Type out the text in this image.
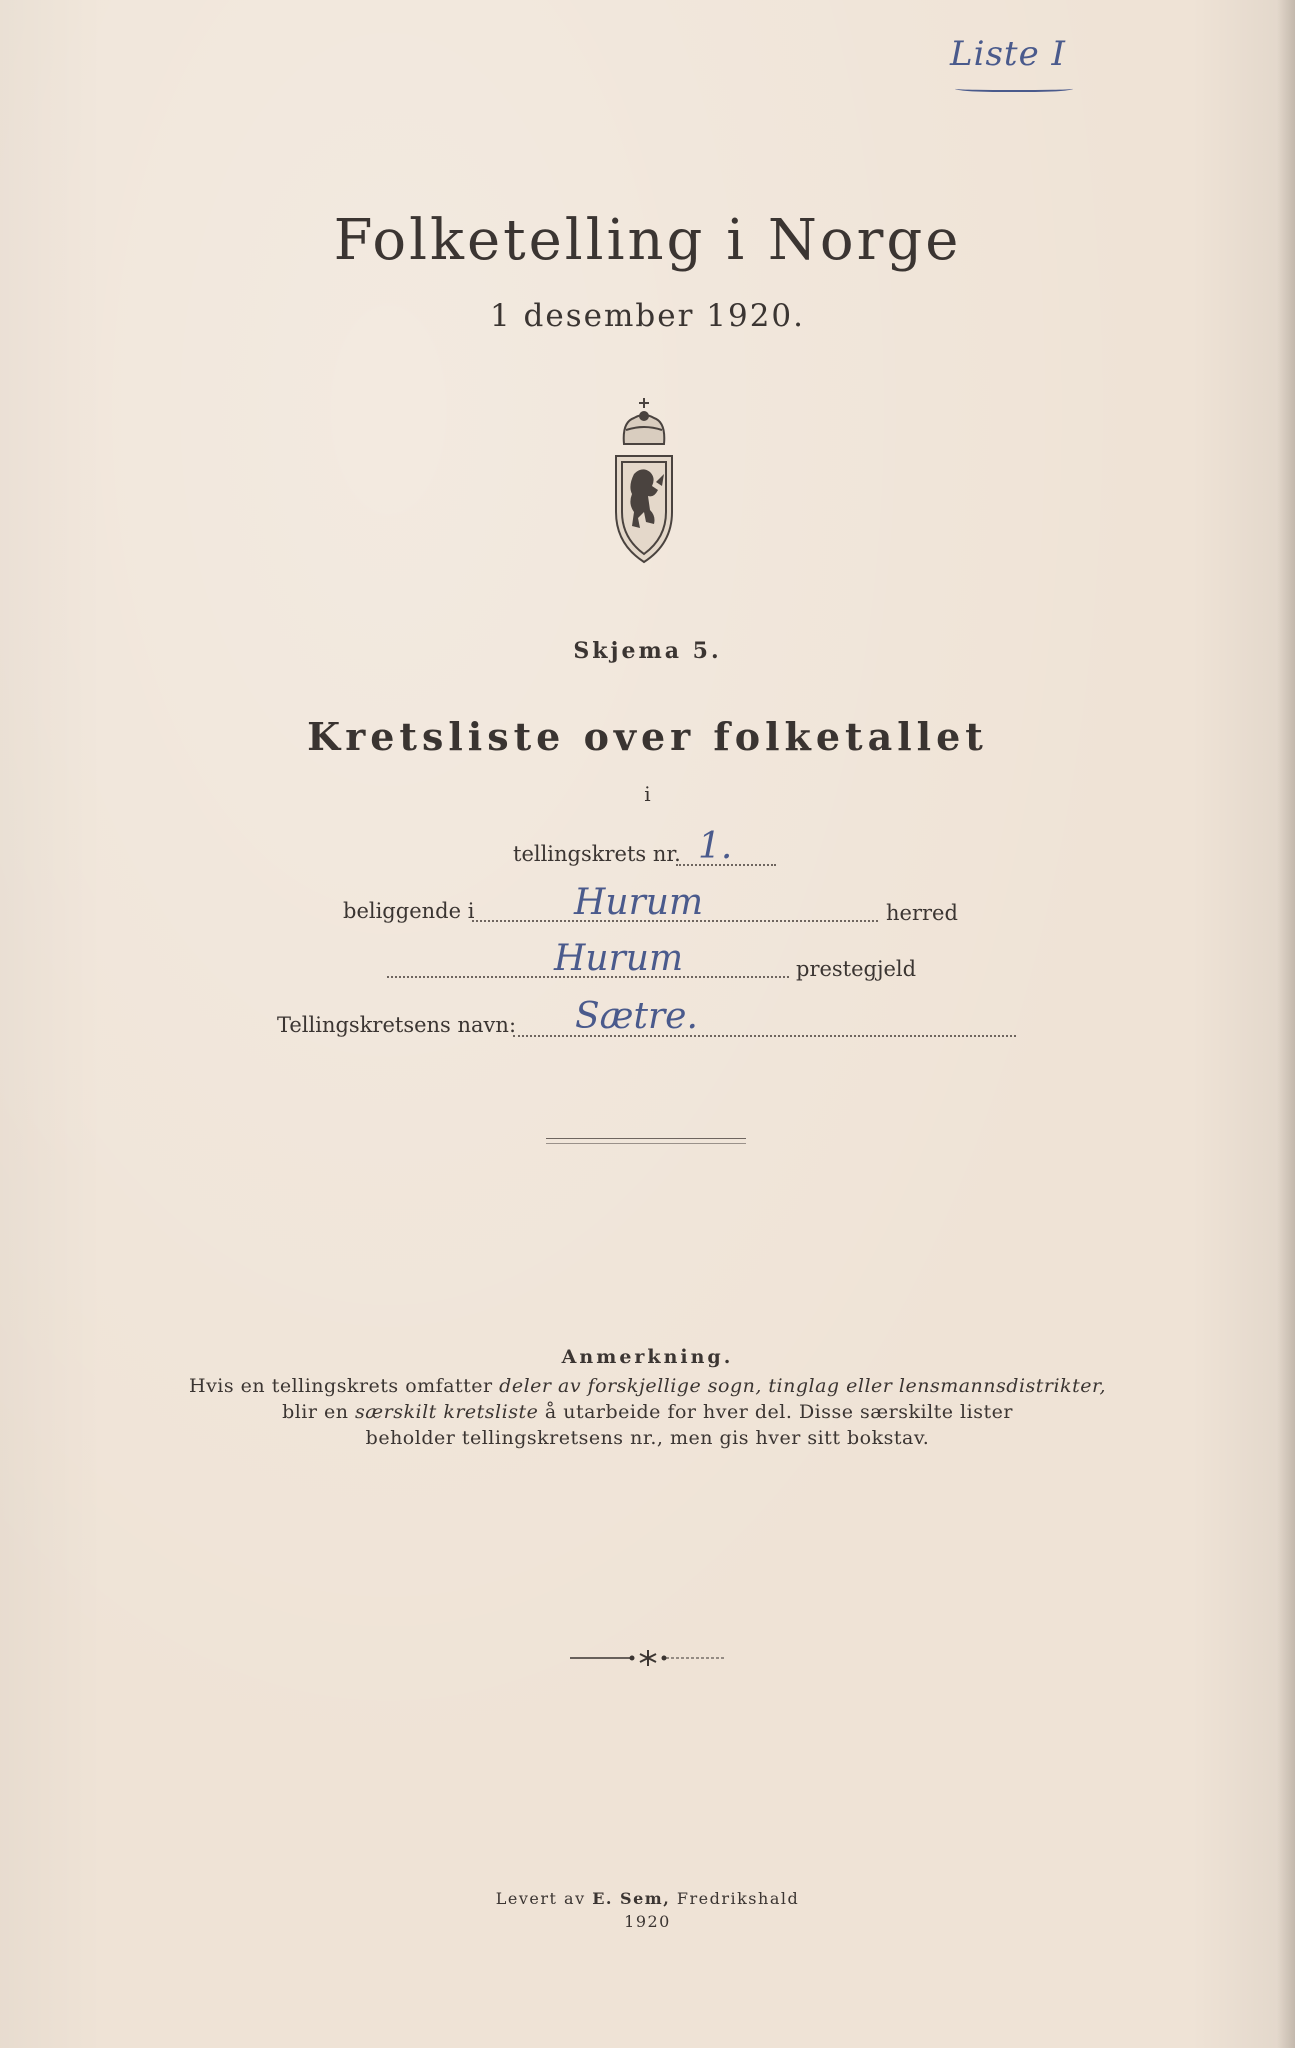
Liste I
Folketelling i Norge
1 desember 1920.
Skjema 5.
Kretsliste over folketallet
i
tellingskrets nr. 1.
beliggende i	Hurum	herred
Hurum	prestegjeld
Tellingskretsens navn: Sætre.
Anmerkning.
Hvis en tellingskrets omfatter deler av forskjellige sogn, tinglag eller lensmannsdistrikter,
blir en særskilt kretsliste å utarbeide for hver del. Disse særskilte lister
beholder tellingskretsens nr., men gis hver sitt bokstav.
Levert av E. Sem, Fredrikshald
1920
